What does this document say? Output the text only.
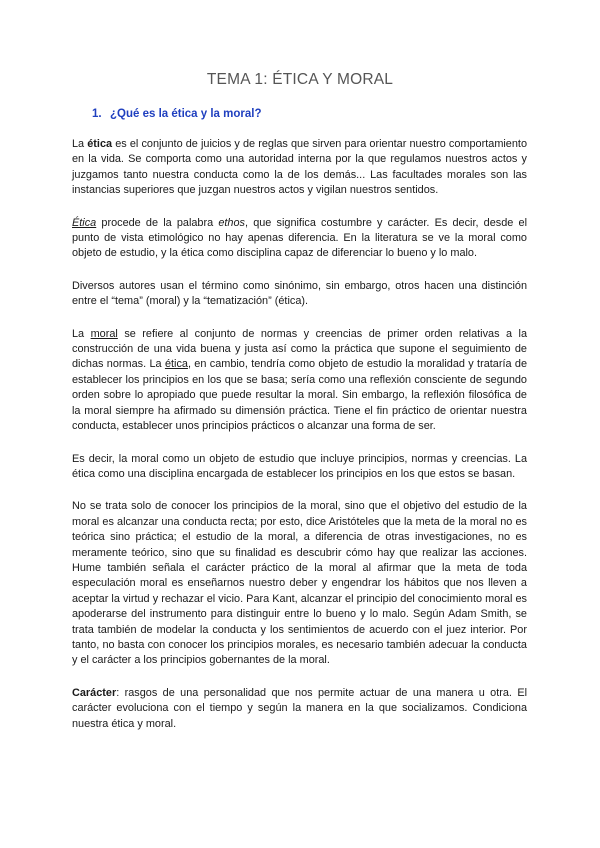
TEMA 1: ÉTICA Y MORAL
1. ¿Qué es la ética y la moral?

La ética es el conjunto de juicios y de reglas que sirven para orientar nuestro comportamiento en la vida. Se comporta como una autoridad interna por la que regulamos nuestros actos y juzgamos tanto nuestra conducta como la de los demás... Las facultades morales son las instancias superiores que juzgan nuestros actos y vigilan nuestros sentidos.

Ética procede de la palabra ethos, que significa costumbre y carácter. Es decir, desde el punto de vista etimológico no hay apenas diferencia. En la literatura se ve la moral como objeto de estudio, y la ética como disciplina capaz de diferenciar lo bueno y lo malo.

Diversos autores usan el término como sinónimo, sin embargo, otros hacen una distinción entre el “tema” (moral) y la “tematización” (ética).

La moral se refiere al conjunto de normas y creencias de primer orden relativas a la construcción de una vida buena y justa así como la práctica que supone el seguimiento de dichas normas. La ética, en cambio, tendría como objeto de estudio la moralidad y trataría de establecer los principios en los que se basa; sería como una reflexión consciente de segundo orden sobre lo apropiado que puede resultar la moral. Sin embargo, la reflexión filosófica de la moral siempre ha afirmado su dimensión práctica. Tiene el fin práctico de orientar nuestra conducta, establecer unos principios prácticos o alcanzar una forma de ser.

Es decir, la moral como un objeto de estudio que incluye principios, normas y creencias. La ética como una disciplina encargada de establecer los principios en los que estos se basan.

No se trata solo de conocer los principios de la moral, sino que el objetivo del estudio de la moral es alcanzar una conducta recta; por esto, dice Aristóteles que la meta de la moral no es teórica sino práctica; el estudio de la moral, a diferencia de otras investigaciones, no es meramente teórico, sino que su finalidad es descubrir cómo hay que realizar las acciones. Hume también señala el carácter práctico de la moral al afirmar que la meta de toda especulación moral es enseñarnos nuestro deber y engendrar los hábitos que nos lleven a aceptar la virtud y rechazar el vicio. Para Kant, alcanzar el principio del conocimiento moral es apoderarse del instrumento para distinguir entre lo bueno y lo malo. Según Adam Smith, se trata también de modelar la conducta y los sentimientos de acuerdo con el juez interior. Por tanto, no basta con conocer los principios morales, es necesario también adecuar la conducta y el carácter a los principios gobernantes de la moral.

Carácter: rasgos de una personalidad que nos permite actuar de una manera u otra. El carácter evoluciona con el tiempo y según la manera en la que socializamos. Condiciona nuestra ética y moral.
